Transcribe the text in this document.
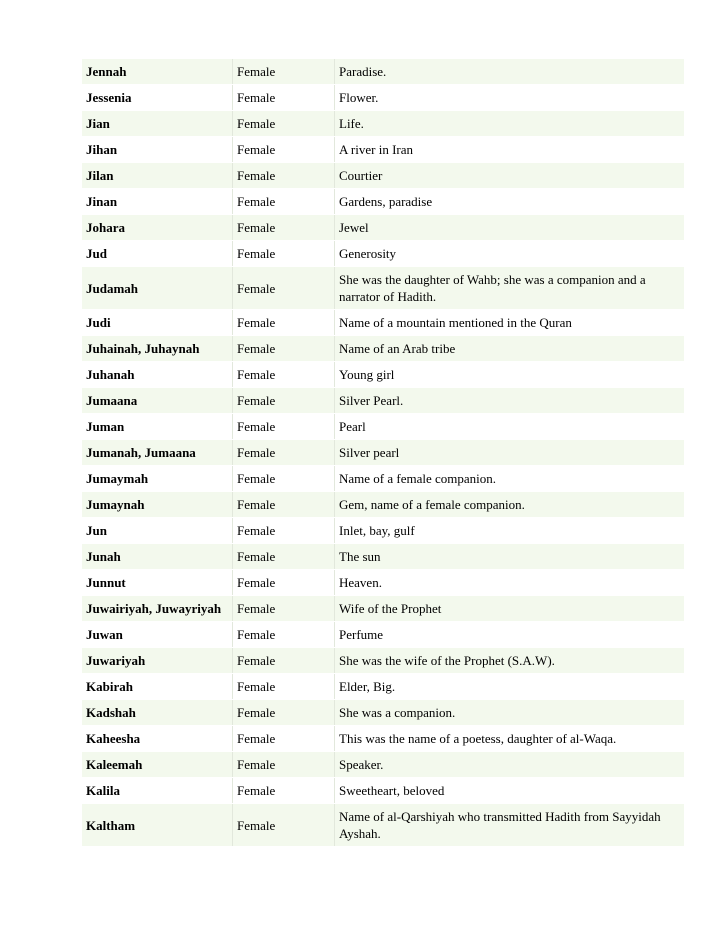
Jennah	Female	Paradise.
Jessenia	Female	Flower.
Jian	Female	Life.
Jihan	Female	A river in Iran
Jilan	Female	Courtier
Jinan	Female	Gardens, paradise
Johara	Female	Jewel
Jud	Female	Generosity
Judamah	Female	She was the daughter of Wahb; she was a companion and a narrator of Hadith.
Judi	Female	Name of a mountain mentioned in the Quran
Juhainah, Juhaynah	Female	Name of an Arab tribe
Juhanah	Female	Young girl
Jumaana	Female	Silver Pearl.
Juman	Female	Pearl
Jumanah, Jumaana	Female	Silver pearl
Jumaymah	Female	Name of a female companion.
Jumaynah	Female	Gem, name of a female companion.
Jun	Female	Inlet, bay, gulf
Junah	Female	The sun
Junnut	Female	Heaven.
Juwairiyah, Juwayriyah	Female	Wife of the Prophet
Juwan	Female	Perfume
Juwariyah	Female	She was the wife of the Prophet (S.A.W).
Kabirah	Female	Elder, Big.
Kadshah	Female	She was a companion.
Kaheesha	Female	This was the name of a poetess, daughter of al-Waqa.
Kaleemah	Female	Speaker.
Kalila	Female	Sweetheart, beloved
Kaltham	Female	Name of al-Qarshiyah who transmitted Hadith from Sayyidah Ayshah.
